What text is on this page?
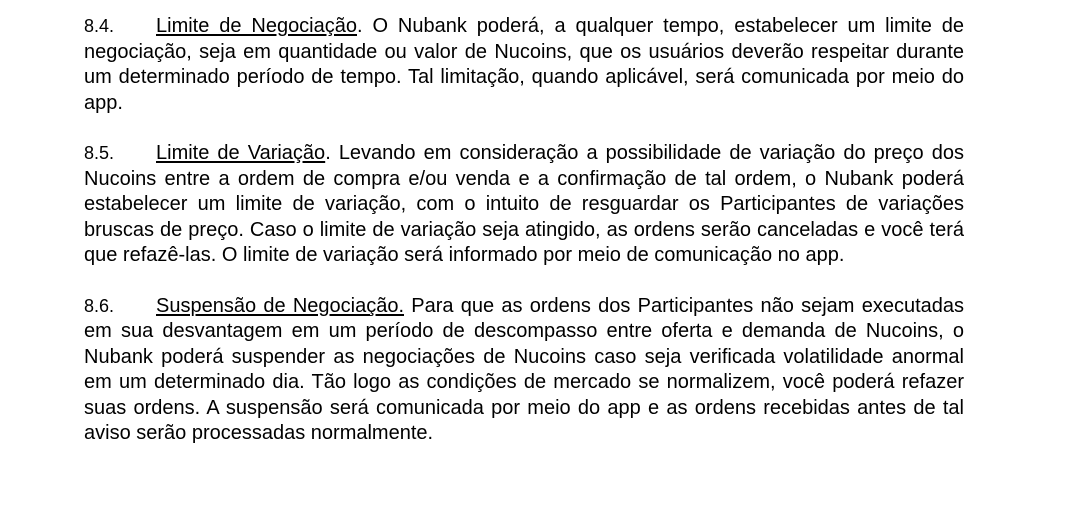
8.4. Limite de Negociação. O Nubank poderá, a qualquer tempo, estabelecer um limite de negociação, seja em quantidade ou valor de Nucoins, que os usuários deverão respeitar durante um determinado período de tempo. Tal limitação, quando aplicável, será comunicada por meio do app.

8.5. Limite de Variação. Levando em consideração a possibilidade de variação do preço dos Nucoins entre a ordem de compra e/ou venda e a confirmação de tal ordem, o Nubank poderá estabelecer um limite de variação, com o intuito de resguardar os Participantes de variações bruscas de preço. Caso o limite de variação seja atingido, as ordens serão canceladas e você terá que refazê-las. O limite de variação será informado por meio de comunicação no app.

8.6. Suspensão de Negociação. Para que as ordens dos Participantes não sejam executadas em sua desvantagem em um período de descompasso entre oferta e demanda de Nucoins, o Nubank poderá suspender as negociações de Nucoins caso seja verificada volatilidade anormal em um determinado dia. Tão logo as condições de mercado se normalizem, você poderá refazer suas ordens. A suspensão será comunicada por meio do app e as ordens recebidas antes de tal aviso serão processadas normalmente.
